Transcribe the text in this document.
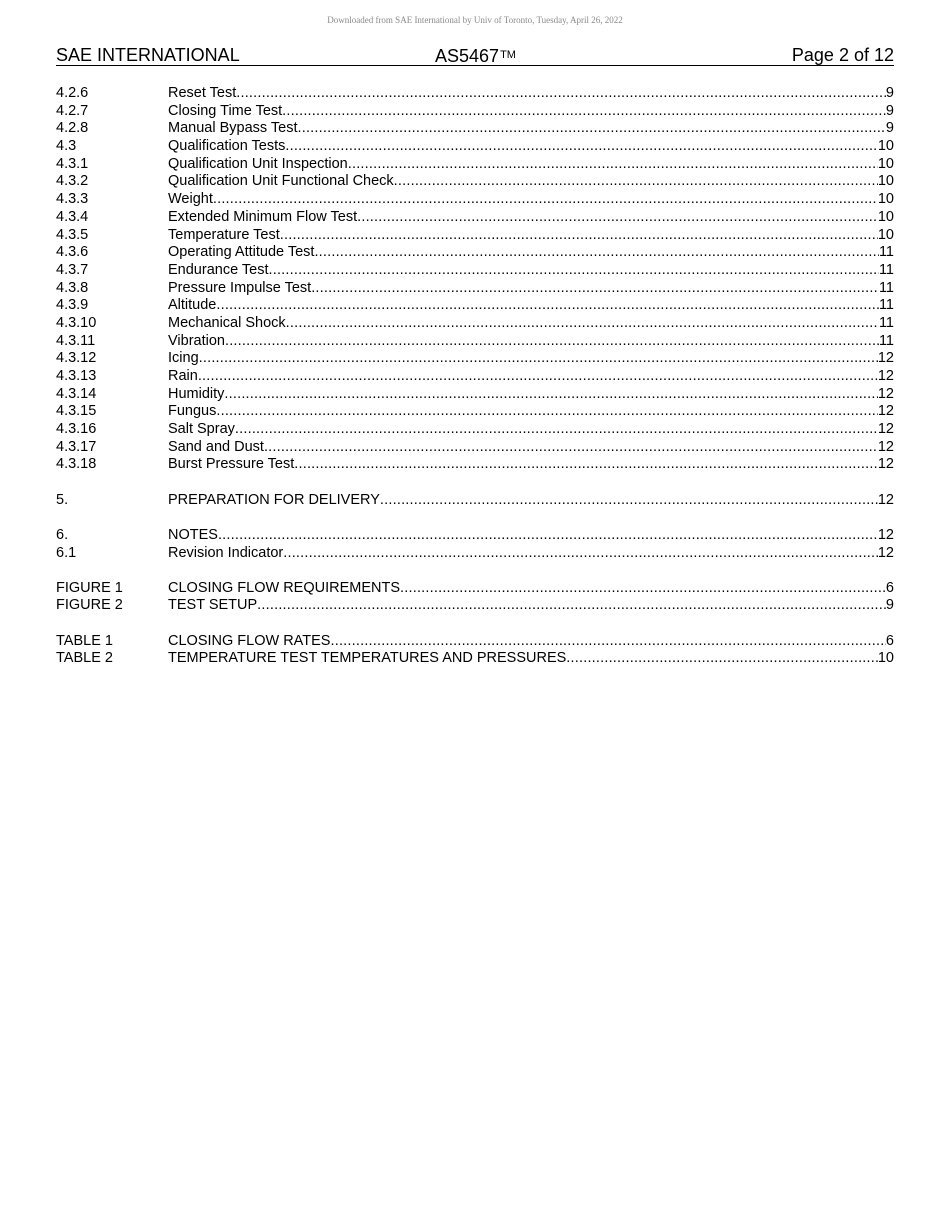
Downloaded from SAE International by Univ of Toronto, Tuesday, April 26, 2022
SAE INTERNATIONAL	AS5467™	Page 2 of 12
4.2.6	Reset Test .....	9
4.2.7	Closing Time Test .....	9
4.2.8	Manual Bypass Test .....	9
4.3	Qualification Tests .....	10
4.3.1	Qualification Unit Inspection .....	10
4.3.2	Qualification Unit Functional Check .....	10
4.3.3	Weight .....	10
4.3.4	Extended Minimum Flow Test .....	10
4.3.5	Temperature Test .....	10
4.3.6	Operating Attitude Test .....	11
4.3.7	Endurance Test .....	11
4.3.8	Pressure Impulse Test .....	11
4.3.9	Altitude .....	11
4.3.10	Mechanical Shock .....	11
4.3.11	Vibration .....	11
4.3.12	Icing .....	12
4.3.13	Rain .....	12
4.3.14	Humidity .....	12
4.3.15	Fungus .....	12
4.3.16	Salt Spray .....	12
4.3.17	Sand and Dust .....	12
4.3.18	Burst Pressure Test .....	12
5.	PREPARATION FOR DELIVERY .....	12
6.	NOTES .....	12
6.1	Revision Indicator .....	12
FIGURE 1	CLOSING FLOW REQUIREMENTS .....	6
FIGURE 2	TEST SETUP .....	9
TABLE 1	CLOSING FLOW RATES .....	6
TABLE 2	TEMPERATURE TEST TEMPERATURES AND PRESSURES .....	10
